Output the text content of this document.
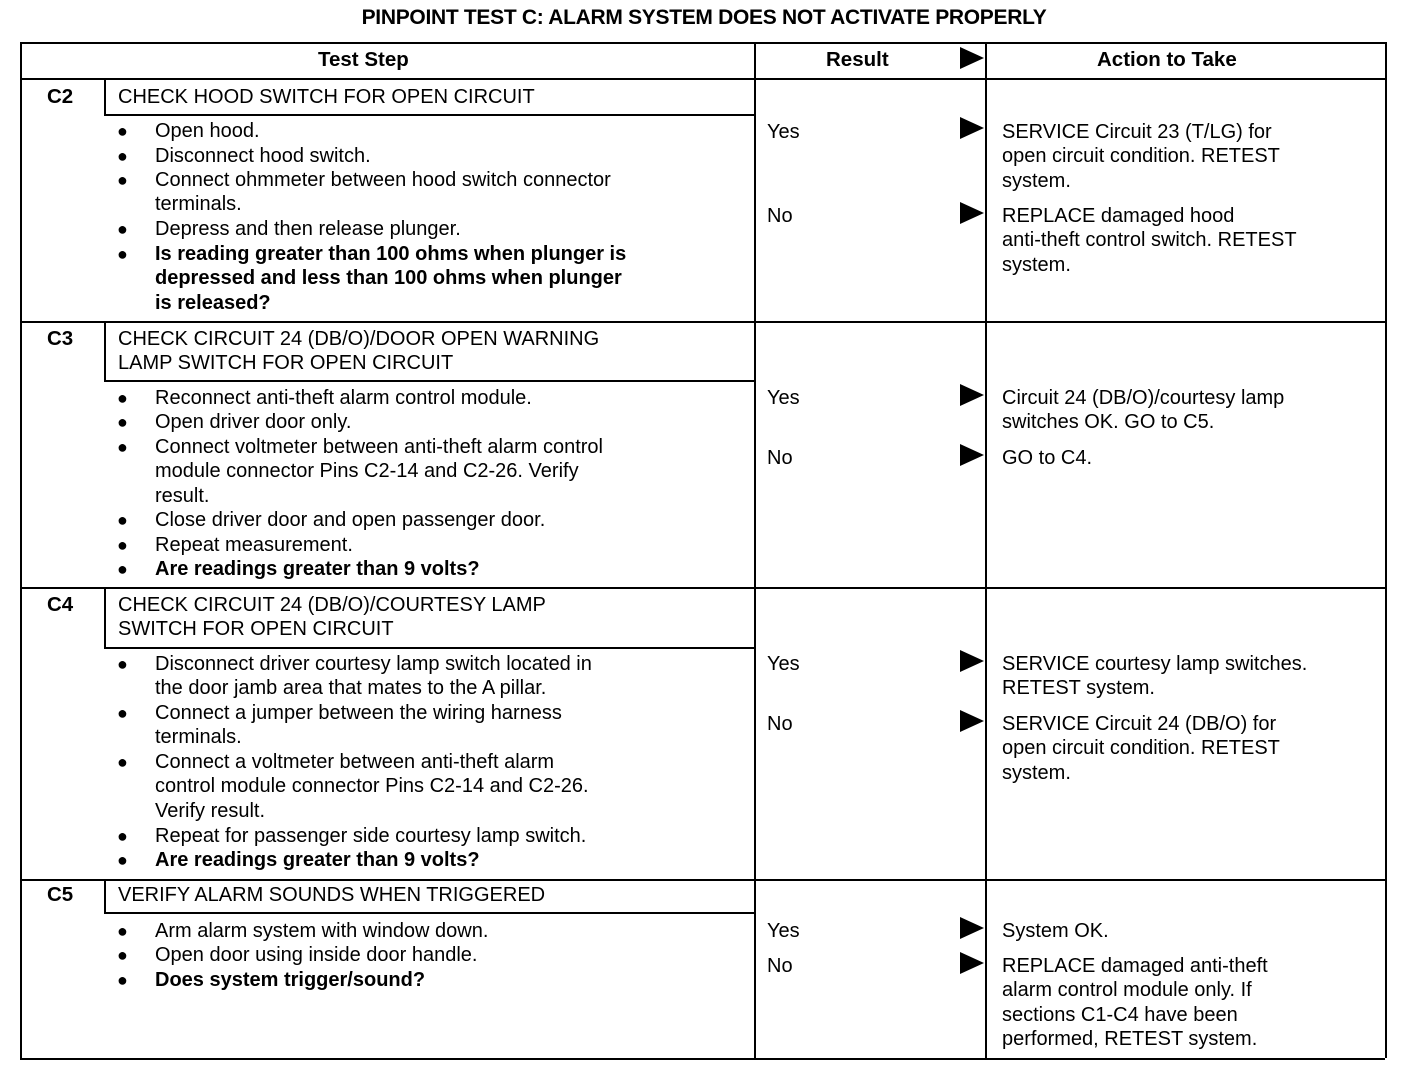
PINPOINT TEST C: ALARM SYSTEM DOES NOT ACTIVATE PROPERLY
Test Step	Result	Action to Take
C2 CHECK HOOD SWITCH FOR OPEN CIRCUIT
● Open hood.
● Disconnect hood switch.
● Connect ohmmeter between hood switch connector
terminals.
● Depress and then release plunger.
● Is reading greater than 100 ohms when plunger is
depressed and less than 100 ohms when plunger
is released?
Yes	SERVICE Circuit 23 (T/LG) for
open circuit condition. RETEST
system.
No	REPLACE damaged hood
anti-theft control switch. RETEST
system.
C3 CHECK CIRCUIT 24 (DB/O)/DOOR OPEN WARNING
LAMP SWITCH FOR OPEN CIRCUIT
● Reconnect anti-theft alarm control module.
● Open driver door only.
● Connect voltmeter between anti-theft alarm control
module connector Pins C2-14 and C2-26. Verify
result.
● Close driver door and open passenger door.
● Repeat measurement.
● Are readings greater than 9 volts?
Yes	Circuit 24 (DB/O)/courtesy lamp
switches OK. GO to C5.
No	GO to C4.
C4 CHECK CIRCUIT 24 (DB/O)/COURTESY LAMP
SWITCH FOR OPEN CIRCUIT
● Disconnect driver courtesy lamp switch located in
the door jamb area that mates to the A pillar.
● Connect a jumper between the wiring harness
terminals.
● Connect a voltmeter between anti-theft alarm
control module connector Pins C2-14 and C2-26.
Verify result.
● Repeat for passenger side courtesy lamp switch.
● Are readings greater than 9 volts?
Yes	SERVICE courtesy lamp switches.
RETEST system.
No	SERVICE Circuit 24 (DB/O) for
open circuit condition. RETEST
system.
C5 VERIFY ALARM SOUNDS WHEN TRIGGERED
● Arm alarm system with window down.
● Open door using inside door handle.
● Does system trigger/sound?
Yes	System OK.
No	REPLACE damaged anti-theft
alarm control module only. If
sections C1-C4 have been
performed, RETEST system.
